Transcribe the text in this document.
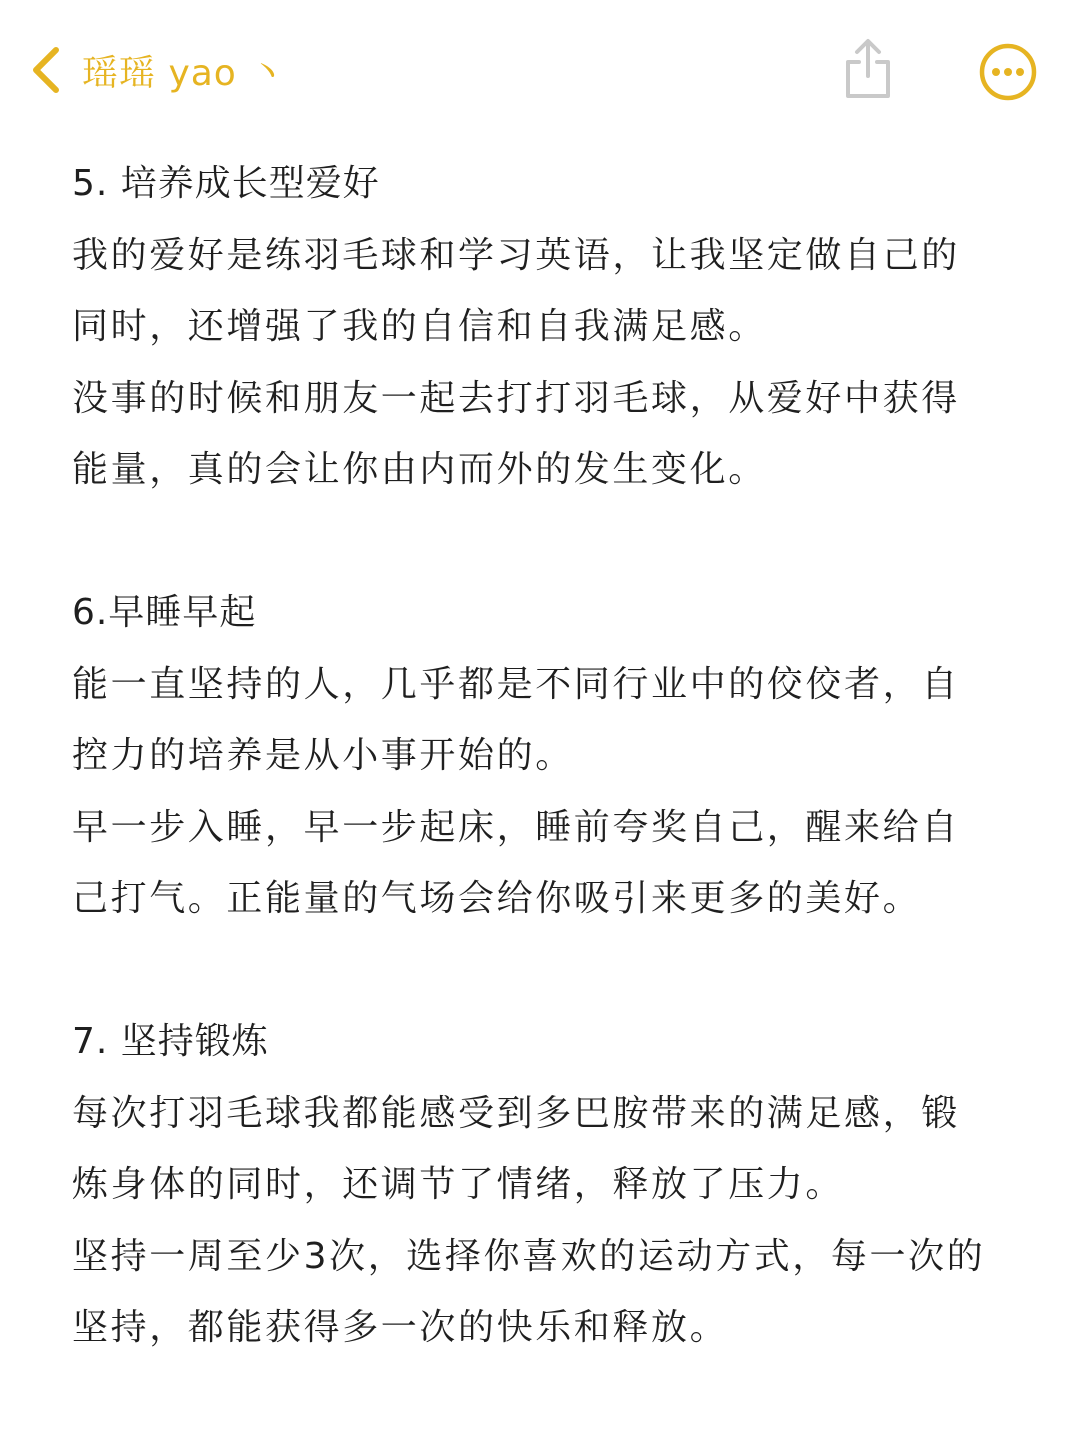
瑶瑶 yao 丶
5. 培养成长型爱好
我的爱好是练羽毛球和学习英语，让我坚定做自己的
同时，还增强了我的自信和自我满足感。
没事的时候和朋友一起去打打羽毛球，从爱好中获得
能量，真的会让你由内而外的发生变化。
6.早睡早起
能一直坚持的人，几乎都是不同行业中的佼佼者，自
控力的培养是从小事开始的。
早一步入睡，早一步起床，睡前夸奖自己，醒来给自
己打气。正能量的气场会给你吸引来更多的美好。
7. 坚持锻炼
每次打羽毛球我都能感受到多巴胺带来的满足感，锻
炼身体的同时，还调节了情绪，释放了压力。
坚持一周至少3次，选择你喜欢的运动方式，每一次的
坚持，都能获得多一次的快乐和释放。
